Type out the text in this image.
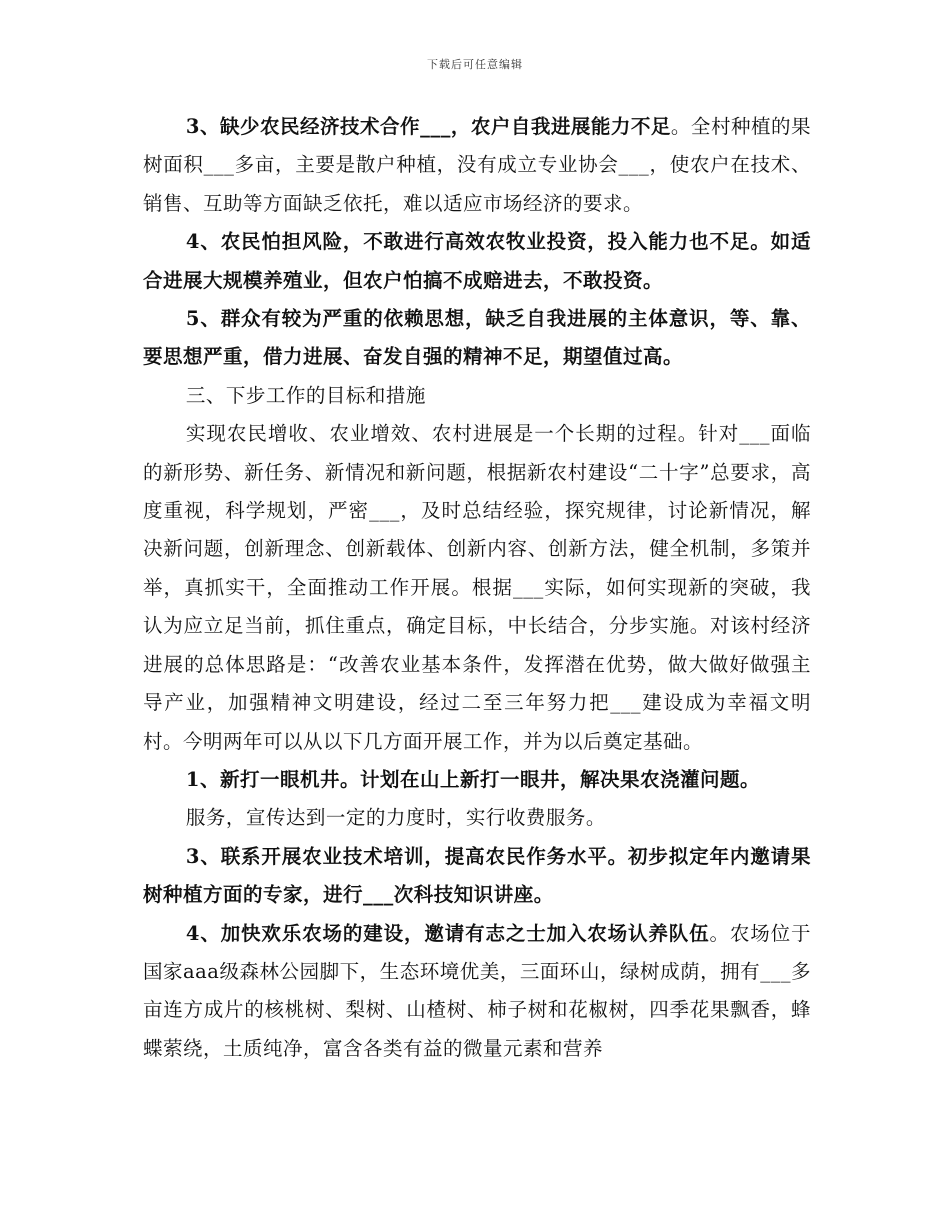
下载后可任意编辑

3、缺少农民经济技术合作___，农户自我进展能力不足。全村种植的果树面积___多亩，主要是散户种植，没有成立专业协会___，使农户在技术、销售、互助等方面缺乏依托，难以适应市场经济的要求。

4、农民怕担风险，不敢进行高效农牧业投资，投入能力也不足。如适合进展大规模养殖业，但农户怕搞不成赔进去，不敢投资。

5、群众有较为严重的依赖思想，缺乏自我进展的主体意识，等、靠、要思想严重，借力进展、奋发自强的精神不足，期望值过高。

三、下步工作的目标和措施

实现农民增收、农业增效、农村进展是一个长期的过程。针对___面临的新形势、新任务、新情况和新问题，根据新农村建设“二十字”总要求，高度重视，科学规划，严密___，及时总结经验，探究规律，讨论新情况，解决新问题，创新理念、创新载体、创新内容、创新方法，健全机制，多策并举，真抓实干，全面推动工作开展。根据___实际，如何实现新的突破，我认为应立足当前，抓住重点，确定目标，中长结合，分步实施。对该村经济进展的总体思路是：“改善农业基本条件，发挥潜在优势，做大做好做强主导产业，加强精神文明建设，经过二至三年努力把___建设成为幸福文明村。今明两年可以从以下几方面开展工作，并为以后奠定基础。

1、新打一眼机井。计划在山上新打一眼井，解决果农浇灌问题。

服务，宣传达到一定的力度时，实行收费服务。

3、联系开展农业技术培训，提高农民作务水平。初步拟定年内邀请果树种植方面的专家，进行___次科技知识讲座。

4、加快欢乐农场的建设，邀请有志之士加入农场认养队伍。农场位于国家aaa级森林公园脚下，生态环境优美，三面环山，绿树成荫，拥有___多亩连方成片的核桃树、梨树、山楂树、柿子树和花椒树，四季花果飘香，蜂蝶萦绕，土质纯净，富含各类有益的微量元素和营养
